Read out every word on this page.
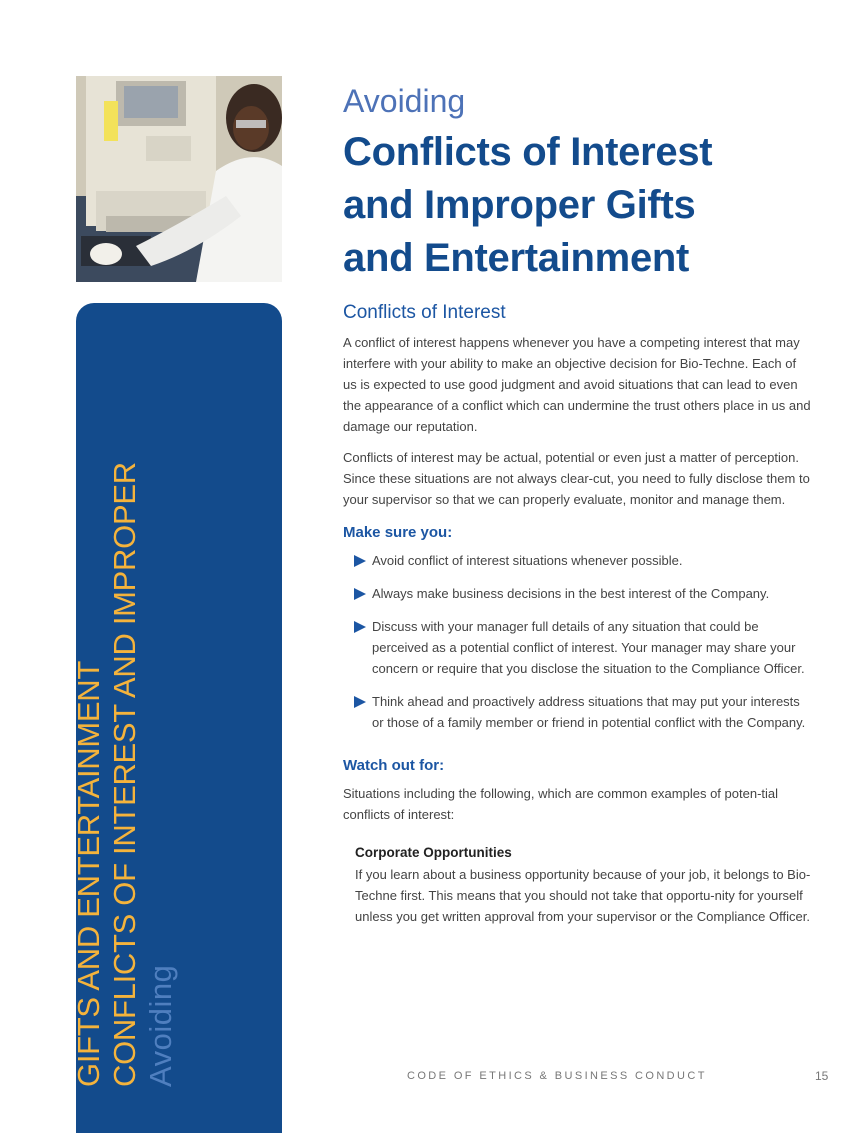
GIFTS AND ENTERTAINMENT CONFLICTS OF INTEREST AND IMPROPER Avoiding
Avoiding
Conflicts of Interest
and Improper Gifts
and Entertainment
Conflicts of Interest

A conflict of interest happens whenever you have a competing interest that may interfere with your ability to make an objective decision for Bio-Techne. Each of us is expected to use good judgment and avoid situations that can lead to even the appearance of a conflict which can undermine the trust others place in us and damage our reputation.

Conflicts of interest may be actual, potential or even just a matter of perception. Since these situations are not always clear-cut, you need to fully disclose them to your supervisor so that we can properly evaluate, monitor and manage them.

Make sure you:
Avoid conflict of interest situations whenever possible.
Always make business decisions in the best interest of the Company.
Discuss with your manager full details of any situation that could be perceived as a potential conflict of interest. Your manager may share your concern or require that you disclose the situation to the Compliance Officer.
Think ahead and proactively address situations that may put your interests or those of a family member or friend in potential conflict with the Company.
Watch out for:

Situations including the following, which are common examples of poten-tial conflicts of interest:

Corporate Opportunities

If you learn about a business opportunity because of your job, it belongs to Bio-Techne first. This means that you should not take that opportu-nity for yourself unless you get written approval from your supervisor or the Compliance Officer.

CODE OF ETHICS & BUSINESS CONDUCT	15
